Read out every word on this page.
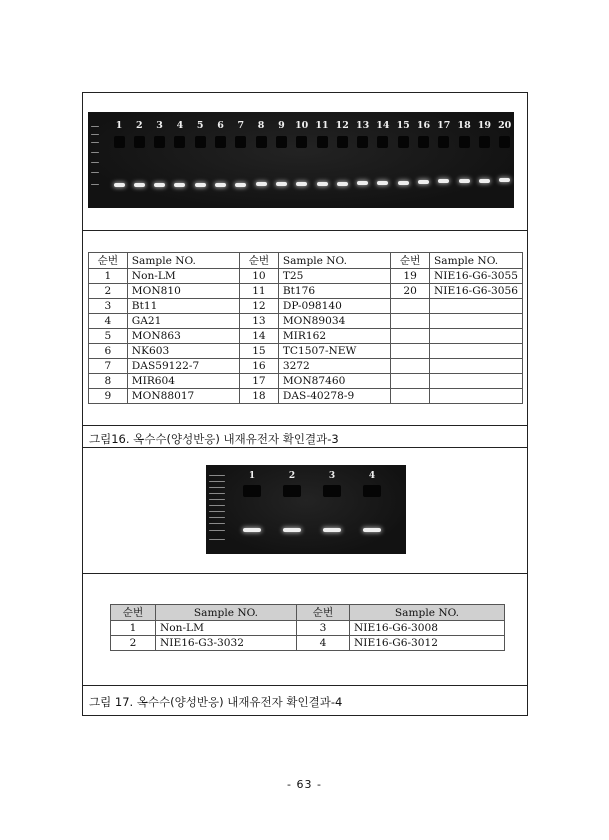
1 2 3 4 5 6 7 8 9 10 11 12 13 14 15 16 17 18 19 20
순번	Sample NO.	순번	Sample NO.	순번	Sample NO.
1	Non-LM	10	T25	19	NIE16-G6-3055
2	MON810	11	Bt176	20	NIE16-G6-3056
3	Bt11	12	DP-098140		
4	GA21	13	MON89034		
5	MON863	14	MIR162		
6	NK603	15	TC1507-NEW		
7	DAS59122-7	16	3272		
8	MIR604	17	MON87460		
9	MON88017	18	DAS-40278-9		
그림16. 옥수수(양성반응) 내재유전자 확인결과-3
1	2	3	4
순번	Sample NO.	순번	Sample NO.
1	Non-LM	3	NIE16-G6-3008
2	NIE16-G3-3032	4	NIE16-G6-3012
그림 17. 옥수수(양성반응) 내재유전자 확인결과-4
- 63 -
